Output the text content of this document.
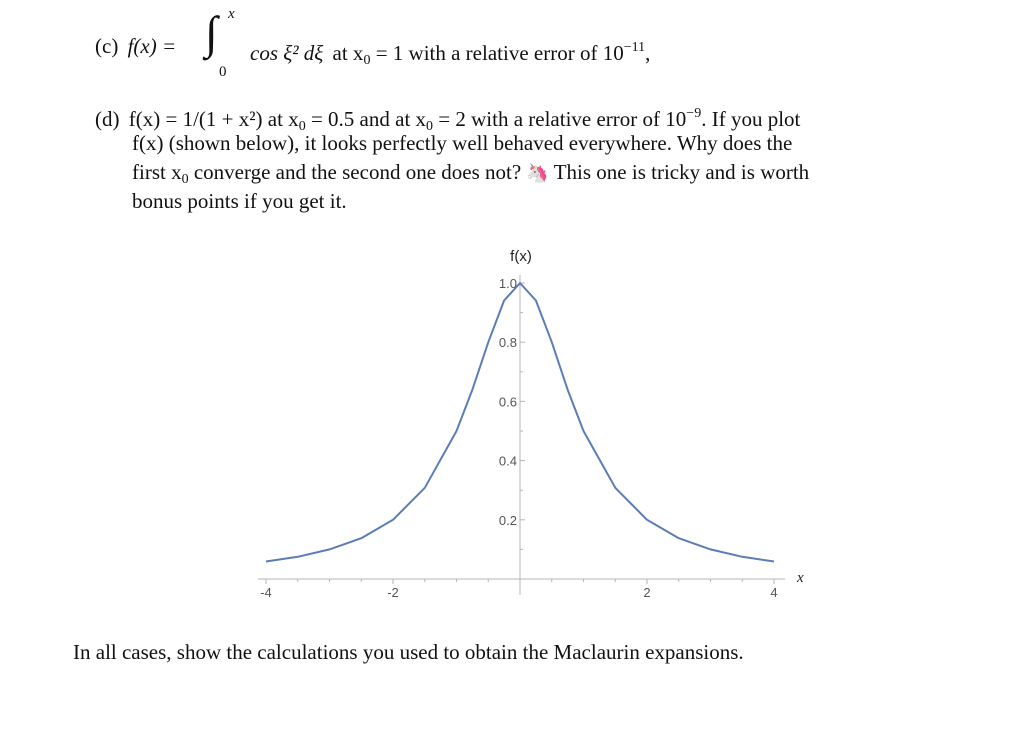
(c) f(x) = ∫ x
0
cos ξ² dξ at $x_0 = 1$ with a relative error of $10^{-11}$,
(d) f(x) = 1/(1 + x²) at $x_0 = 0.5$ and at $x_0 = 2$ with a relative error of $10^{-9}$. If you plot
f(x) (shown below), it looks perfectly well behaved everywhere. Why does the
first $x_0$ converge and the second one does not? 🦄 This one is tricky and is worth
bonus points if you get it.
-4	-2	2	4
0.2
0.4
0.6
0.8
1.0
f(x)
x
In all cases, show the calculations you used to obtain the Maclaurin expansions.
